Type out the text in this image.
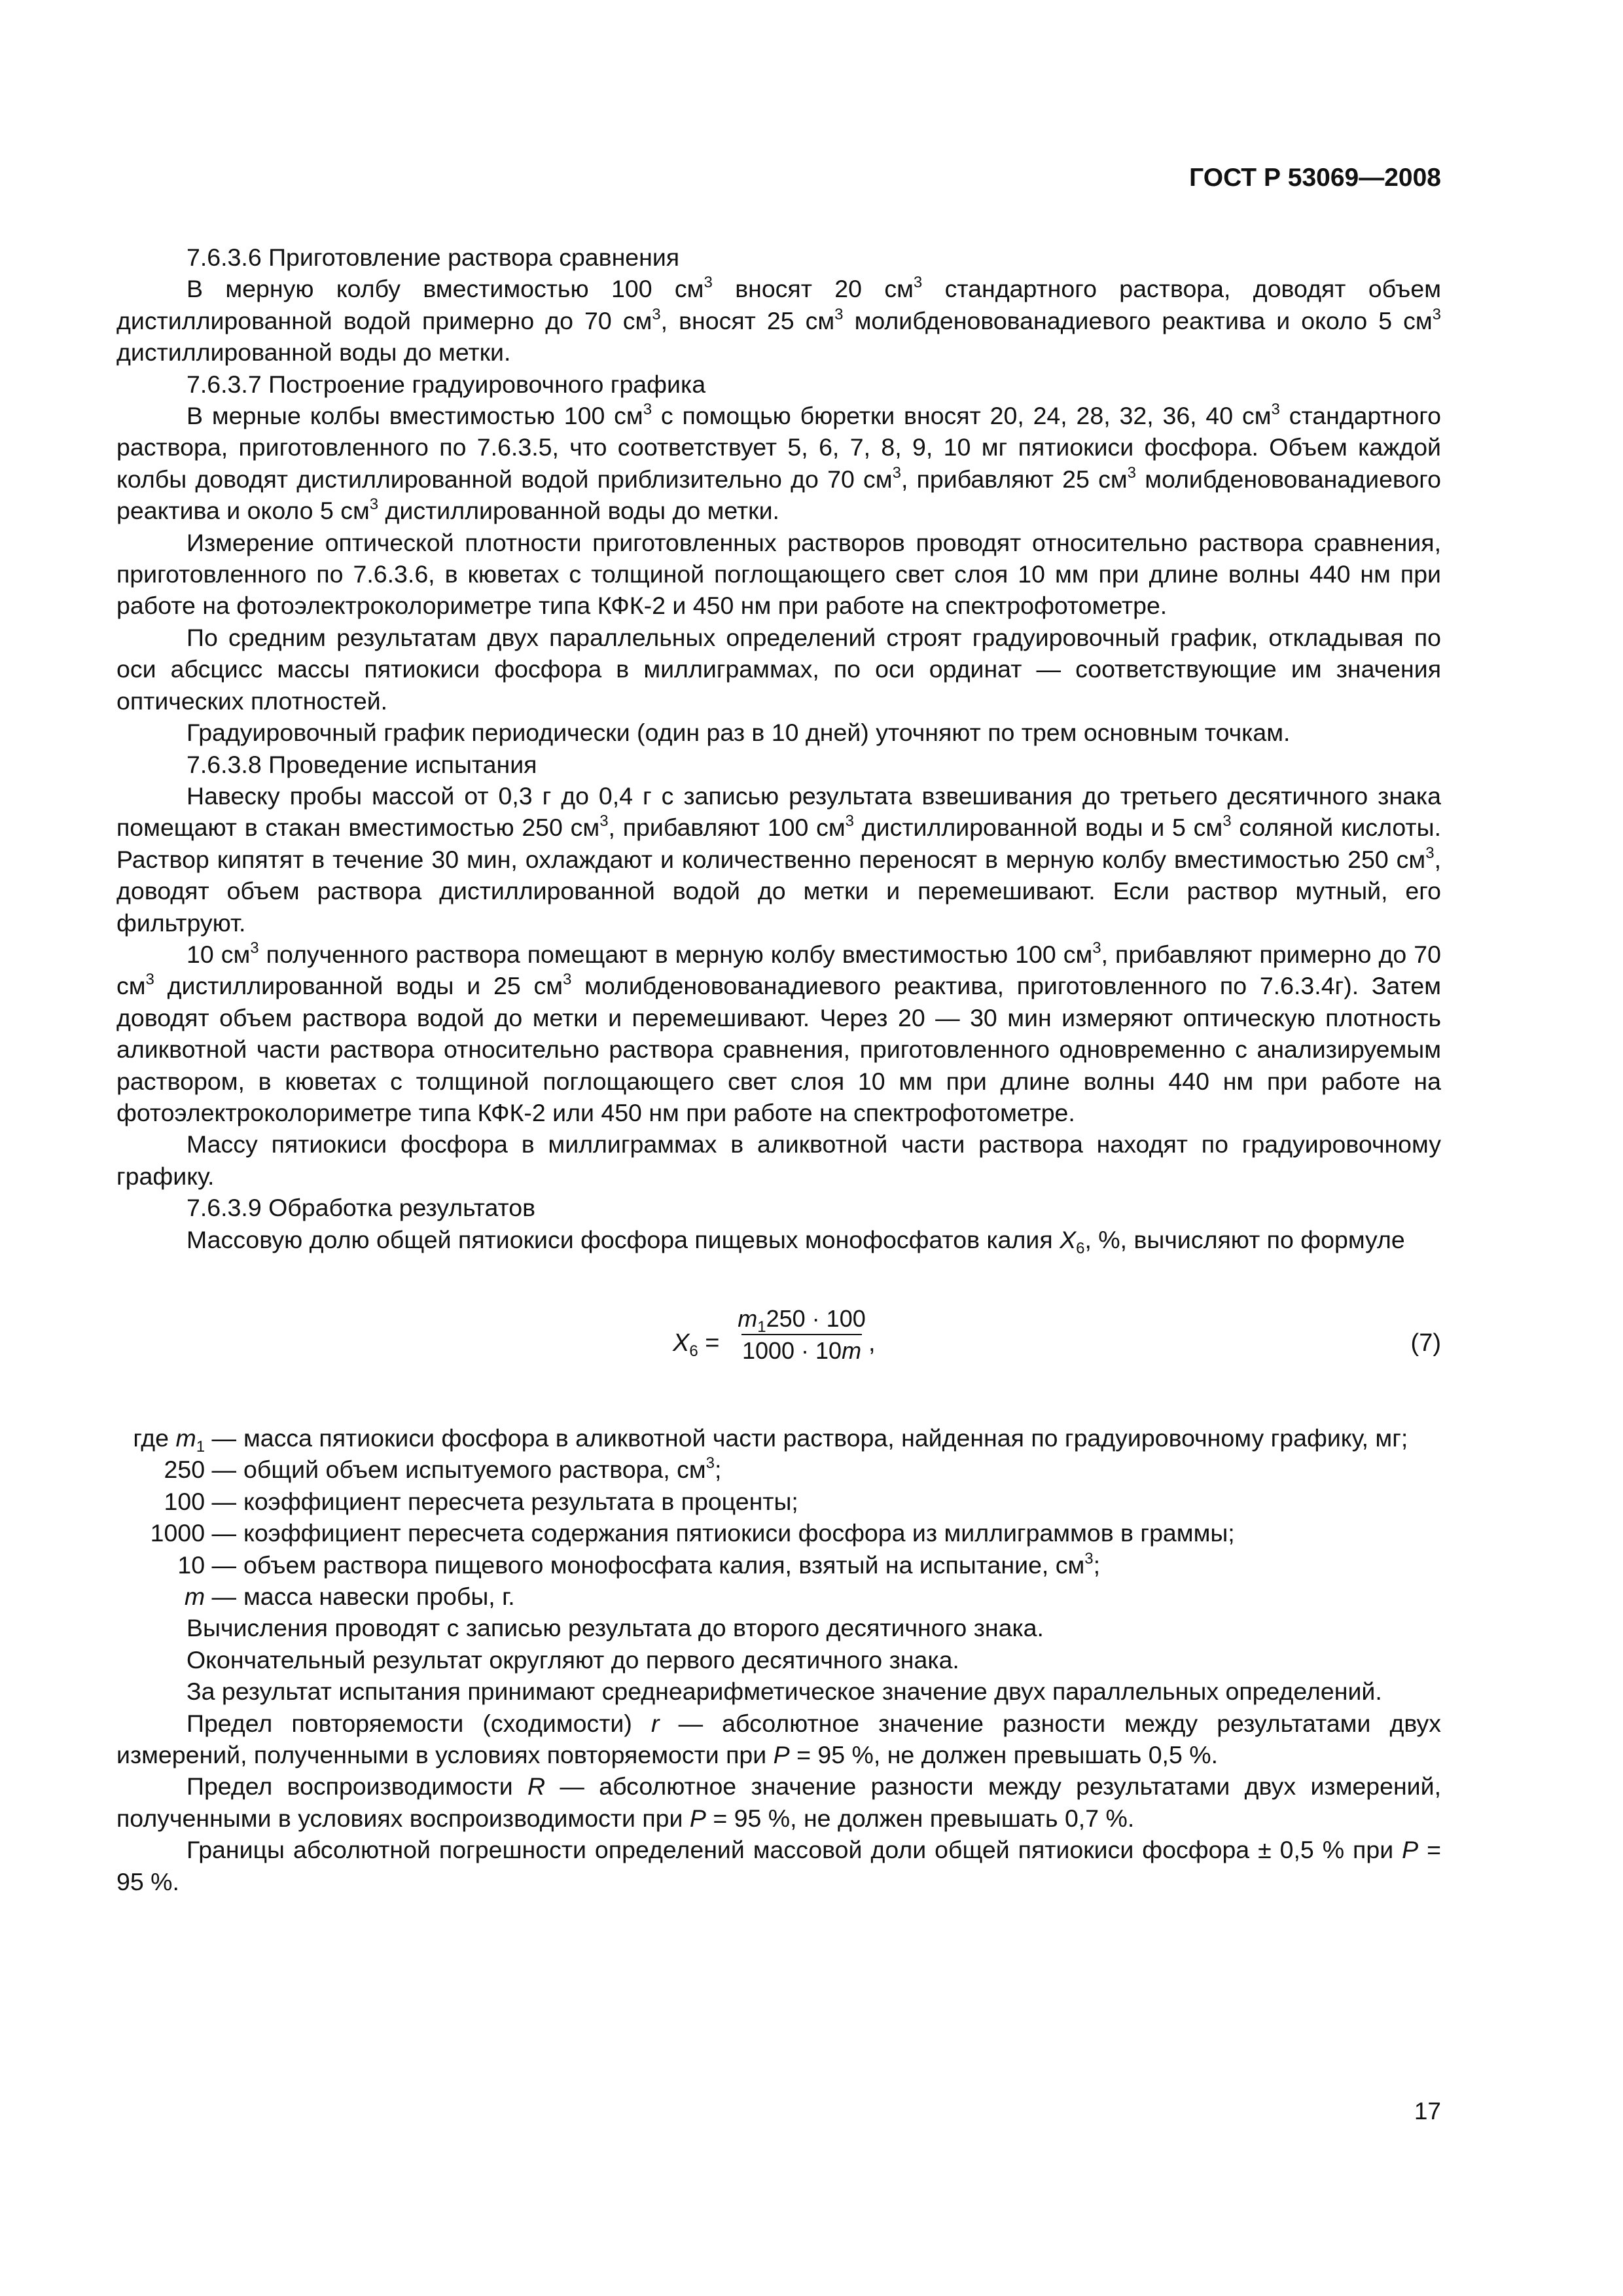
ГОСТ Р 53069—2008

7.6.3.6 Приготовление раствора сравнения

В мерную колбу вместимостью 100 $см^3$ вносят 20 $см^3$ стандартного раствора, доводят объем дистиллированной водой примерно до 70 $см^3$, вносят 25 $см^3$ молибденовованадиевого реактива и около 5 $см^3$ дистиллированной воды до метки.

7.6.3.7 Построение градуировочного графика

В мерные колбы вместимостью 100 $см^3$ с помощью бюретки вносят 20, 24, 28, 32, 36, 40 $см^3$ стандартного раствора, приготовленного по 7.6.3.5, что соответствует 5, 6, 7, 8, 9, 10 мг пятиокиси фосфора. Объем каждой колбы доводят дистиллированной водой приблизительно до 70 $см^3$, прибавляют 25 $см^3$ молибденовованадиевого реактива и около 5 $см^3$ дистиллированной воды до метки.

Измерение оптической плотности приготовленных растворов проводят относительно раствора сравнения, приготовленного по 7.6.3.6, в кюветах с толщиной поглощающего свет слоя 10 мм при длине волны 440 нм при работе на фотоэлектроколориметре типа КФК-2 и 450 нм при работе на спектрофотометре.

По средним результатам двух параллельных определений строят градуировочный график, откладывая по оси абсцисс массы пятиокиси фосфора в миллиграммах, по оси ординат — соответствующие им значения оптических плотностей.

Градуировочный график периодически (один раз в 10 дней) уточняют по трем основным точкам.

7.6.3.8 Проведение испытания

Навеску пробы массой от 0,3 г до 0,4 г с записью результата взвешивания до третьего десятичного знака помещают в стакан вместимостью 250 $см^3$, прибавляют 100 $см^3$ дистиллированной воды и 5 $см^3$ соляной кислоты. Раствор кипятят в течение 30 мин, охлаждают и количественно переносят в мерную колбу вместимостью 250 $см^3$, доводят объем раствора дистиллированной водой до метки и перемешивают. Если раствор мутный, его фильтруют.

10 $см^3$ полученного раствора помещают в мерную колбу вместимостью 100 $см^3$, прибавляют примерно до 70 $см^3$ дистиллированной воды и 25 $см^3$ молибденовованадиевого реактива, приготовленного по 7.6.3.4г). Затем доводят объем раствора водой до метки и перемешивают. Через 20 — 30 мин измеряют оптическую плотность аликвотной части раствора относительно раствора сравнения, приготовленного одновременно с анализируемым раствором, в кюветах с толщиной поглощающего свет слоя 10 мм при длине волны 440 нм при работе на фотоэлектроколориметре типа КФК-2 или 450 нм при работе на спектрофотометре.

Массу пятиокиси фосфора в миллиграммах в аликвотной части раствора находят по градуировочному графику.

7.6.3.9 Обработка результатов

Массовую долю общей пятиокиси фосфора пищевых монофосфатов калия $X_6$, %, вычисляют по формуле

$X_6$ =
$m_1250 \cdot 100$
1000 · 10m ,	(7)
где $m_1$ — масса пятиокиси фосфора в аликвотной части раствора, найденная по градуировочному графику, мг;
250 — общий объем испытуемого раствора, $см^3$;
100 — коэффициент пересчета результата в проценты;
1000 — коэффициент пересчета содержания пятиокиси фосфора из миллиграммов в граммы;
10 — объем раствора пищевого монофосфата калия, взятый на испытание, $см^3$;
m — масса навески пробы, г.

Вычисления проводят с записью результата до второго десятичного знака.

Окончательный результат округляют до первого десятичного знака.

За результат испытания принимают среднеарифметическое значение двух параллельных определений.

Предел повторяемости (сходимости) r — абсолютное значение разности между результатами двух измерений, полученными в условиях повторяемости при P = 95 %, не должен превышать 0,5 %.

Предел воспроизводимости R — абсолютное значение разности между результатами двух измерений, полученными в условиях воспроизводимости при P = 95 %, не должен превышать 0,7 %.

Границы абсолютной погрешности определений массовой доли общей пятиокиси фосфора ± 0,5 % при P = 95 %.

17
